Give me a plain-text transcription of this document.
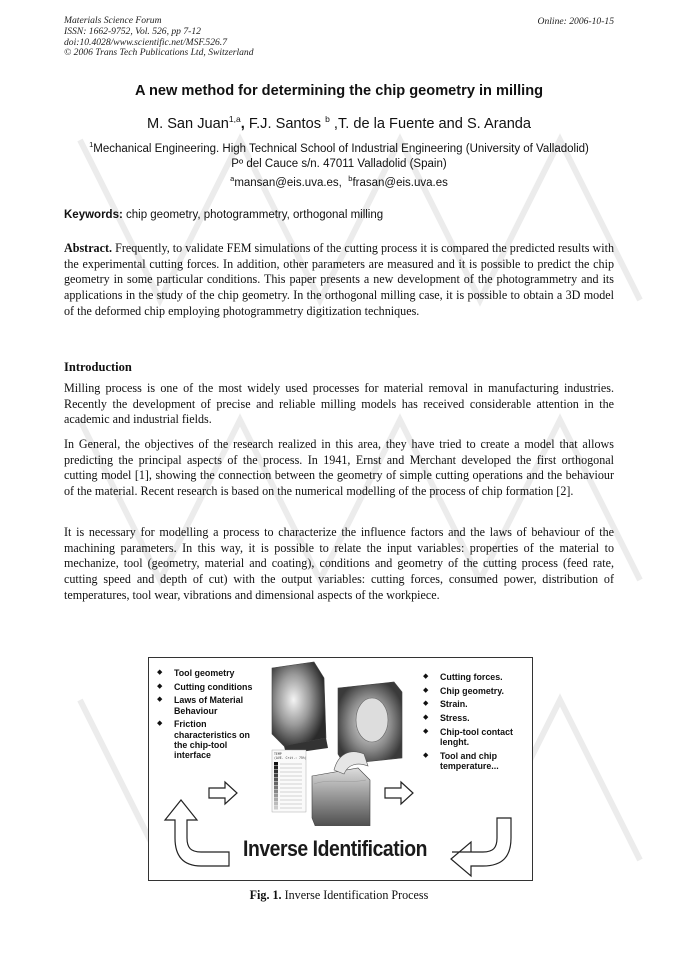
Materials Science Forum
ISSN: 1662-9752, Vol. 526, pp 7-12
doi:10.4028/www.scientific.net/MSF.526.7
© 2006 Trans Tech Publications Ltd, Switzerland
Online: 2006-10-15
A new method for determining the chip geometry in milling
M. San Juan$^{1,a}$, F.J. Santos $^b$ ,T. de la Fuente and S. Aranda
$^1$Mechanical Engineering. High Technical School of Industrial Engineering (University of Valladolid)
Pº del Cauce s/n. 47011 Valladolid (Spain)
$^a$mansan@eis.uva.es, $^b$frasan@eis.uva.es
Keywords: chip geometry, photogrammetry, orthogonal milling
Abstract. Frequently, to validate FEM simulations of the cutting process it is compared the predicted results with the experimental cutting forces. In addition, other parameters are measured and it is possible to predict the chip geometry in some particular conditions. This paper presents a new development of the photogrammetry and its applications in the study of the chip geometry. In the orthogonal milling case, it is possible to obtain a 3D model of the deformed chip employing photogrammetry digitization techniques.
Introduction
Milling process is one of the most widely used processes for material removal in manufacturing industries. Recently the development of precise and reliable milling models has received considerable attention in the academic and industrial fields.
In General, the objectives of the research realized in this area, they have tried to create a model that allows predicting the principal aspects of the process. In 1941, Ernst and Merchant developed the first orthogonal cutting model [1], showing the connection between the geometry of simple cutting operations and the behaviour of the material. Recent research is based on the numerical modelling of the process of chip formation [2].
It is necessary for modelling a process to characterize the influence factors and the laws of behaviour of the machining parameters. In this way, it is possible to relate the input variables: properties of the material to mechanize, tool (geometry, material and coating), conditions and geometry of the cutting process (feed rate, cutting speed and depth of cut) with the output variables: cutting forces, consumed power, distribution of temperatures, tool wear, vibrations and dimensional aspects of the workpiece.
◆ Tool geometry
◆ Cutting conditions
◆ Laws of Material Behaviour
◆ Friction characteristics on the chip-tool interface	TEMP
(AVE. Crit.: 75%)
◆ Cutting forces.
◆ Chip geometry.
◆ Strain.
◆ Stress.
◆ Chip-tool contact lenght.
◆ Tool and chip temperature...
Inverse Identification
Fig. 1. Inverse Identification Process
